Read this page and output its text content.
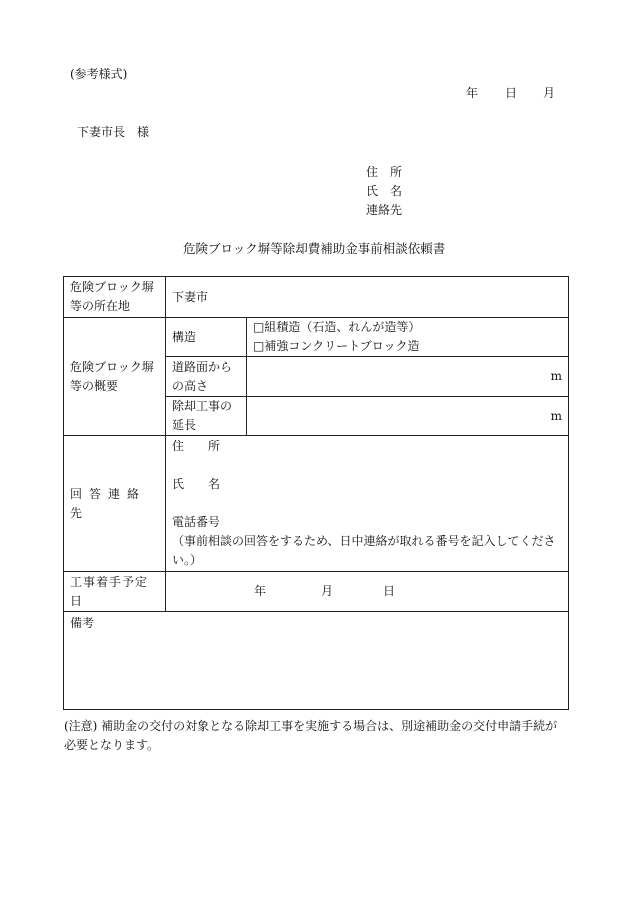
(参考様式)
年 日 月
下妻市長　様
住　所
氏　名
連絡先
危険ブロック塀等除却費補助金事前相談依頼書
危険ブロック塀等の所在地	下妻市	
危険ブロック塀等の概要	構造	□組積造（石造、れんが造等）
□補強コンクリートブロック造

	道路面からの高さ	m
	除却工事の延長	m
回答連絡先	住　　所
氏　　名
電話番号
（事前相談の回答をするため、日中連絡が取れる番号を記入してください。）	

工事着手予定日	年 月 日	

備考		
(注意) 補助金の交付の対象となる除却工事を実施する場合は、別途補助金の交付申請手続が必要となります。
